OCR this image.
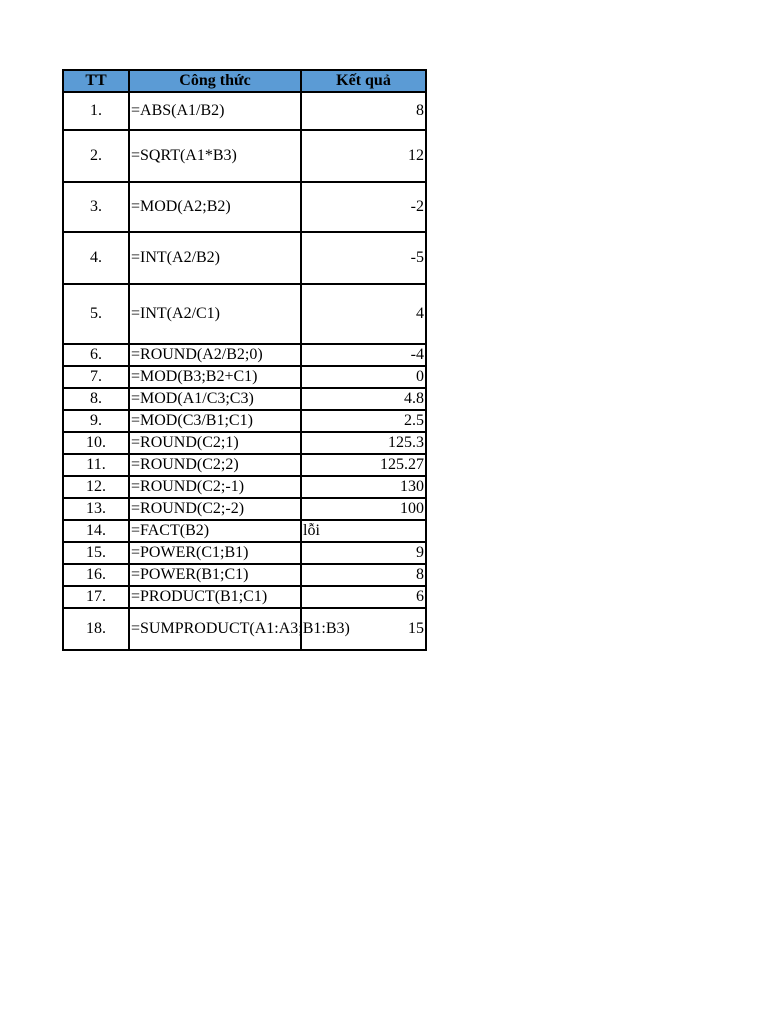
TT	Công thức	Kết quả
1.	=ABS(A1/B2)	8
2.	=SQRT(A1*B3)	12
3.	=MOD(A2;B2)	-2
4.	=INT(A2/B2)	-5
5.	=INT(A2/C1)	4
6.	=ROUND(A2/B2;0)	-4
7.	=MOD(B3;B2+C1)	0
8.	=MOD(A1/C3;C3)	4.8
9.	=MOD(C3/B1;C1)	2.5
10.	=ROUND(C2;1)	125.3
11.	=ROUND(C2;2)	125.27
12.	=ROUND(C2;-1)	130
13.	=ROUND(C2;-2)	100
14.	=FACT(B2)	lỗi
15.	=POWER(C1;B1)	9
16.	=POWER(B1;C1)	8
17.	=PRODUCT(B1;C1)	6
18.	=SUMPRODUCT(A1:A3;B1:B3)	15
